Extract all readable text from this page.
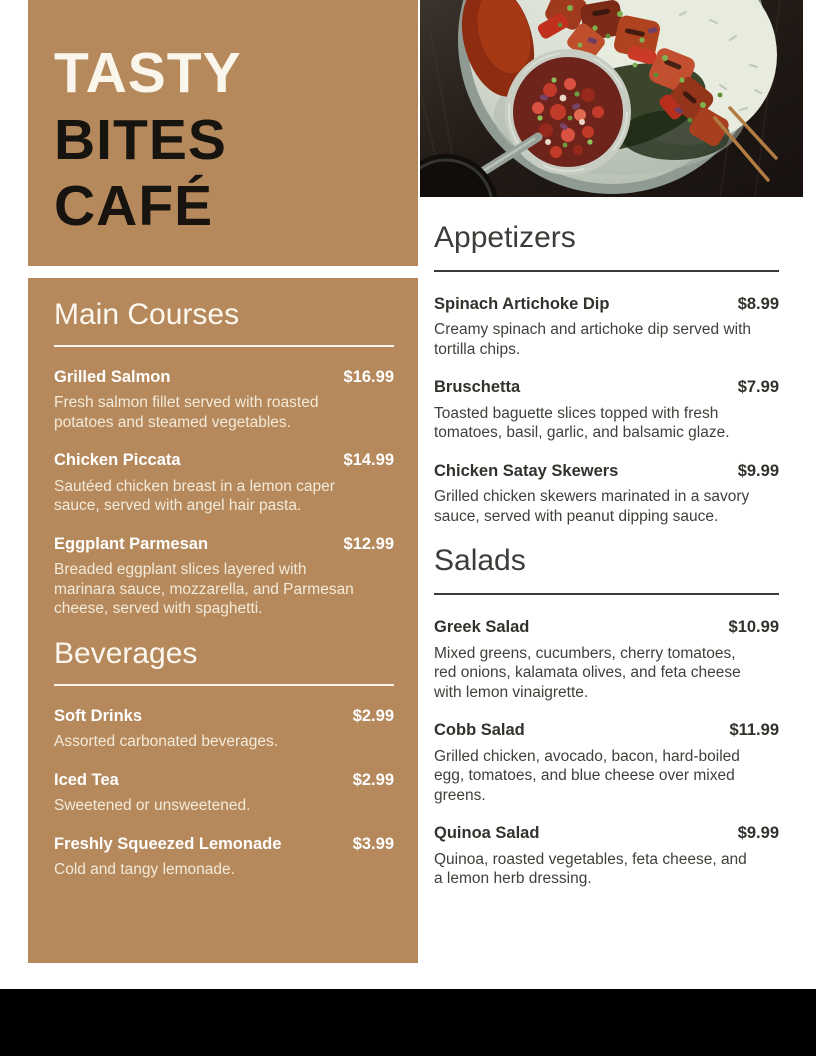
TASTY
BITES
CAFÉ
Main Courses
Grilled Salmon	$16.99

Fresh salmon fillet served with roasted potatoes and steamed vegetables.

Chicken Piccata	$14.99

Sautéed chicken breast in a lemon caper sauce, served with angel hair pasta.

Eggplant Parmesan	$12.99

Breaded eggplant slices layered with marinara sauce, mozzarella, and Parmesan cheese, served with spaghetti.

Beverages
Soft Drinks	$2.99

Assorted carbonated beverages.

Iced Tea	$2.99

Sweetened or unsweetened.

Freshly Squeezed Lemonade	$3.99

Cold and tangy lemonade.

Appetizers
Spinach Artichoke Dip	$8.99

Creamy spinach and artichoke dip served with tortilla chips.

Bruschetta	$7.99

Toasted baguette slices topped with fresh tomatoes, basil, garlic, and balsamic glaze.

Chicken Satay Skewers	$9.99

Grilled chicken skewers marinated in a savory sauce, served with peanut dipping sauce.

Salads
Greek Salad	$10.99

Mixed greens, cucumbers, cherry tomatoes, red onions, kalamata olives, and feta cheese with lemon vinaigrette.

Cobb Salad	$11.99

Grilled chicken, avocado, bacon, hard-boiled egg, tomatoes, and blue cheese over mixed greens.

Quinoa Salad	$9.99

Quinoa, roasted vegetables, feta cheese, and a lemon herb dressing.
